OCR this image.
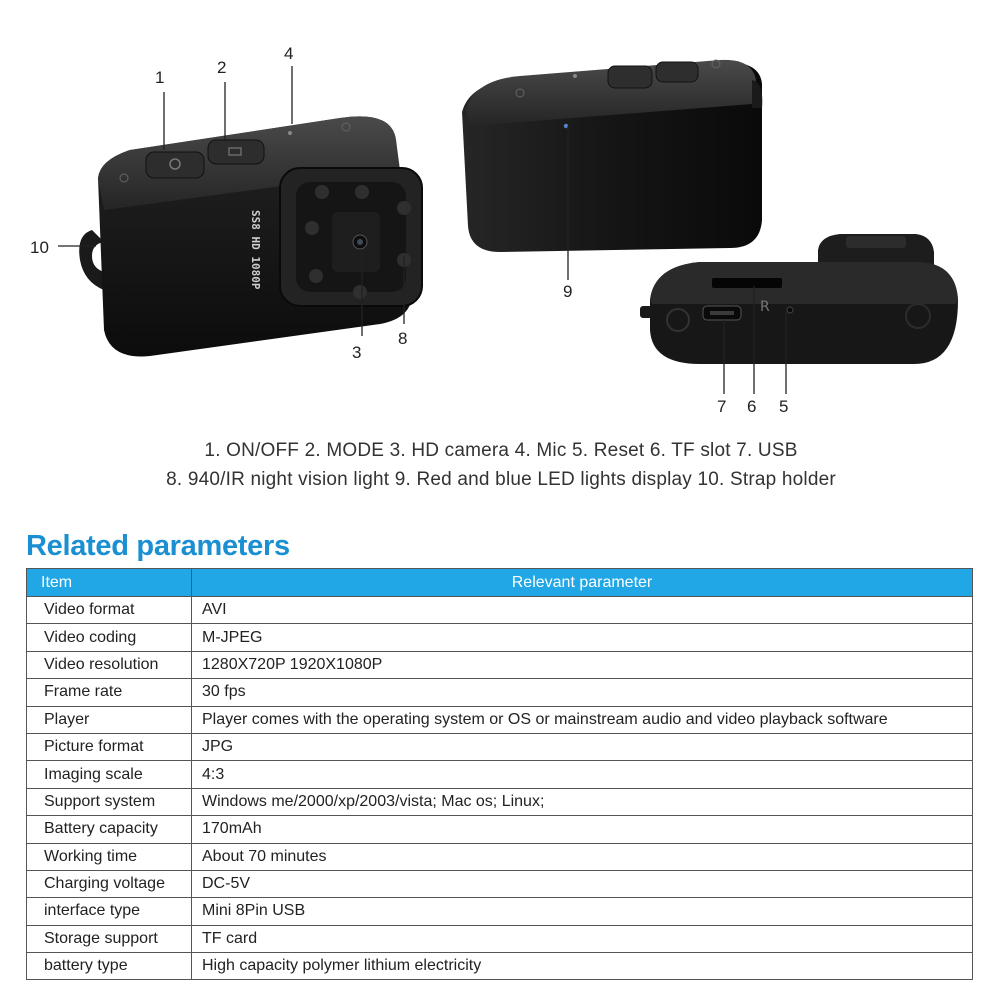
SS8 HD 1080P
R
1
2
4
10
3
8
9
7 6 5
1. ON/OFF 2. MODE 3. HD camera 4. Mic 5. Reset 6. TF slot 7. USB
8. 940/IR night vision light 9. Red and blue LED lights display 10. Strap holder
Related parameters
Item	Relevant parameter
Video format	AVI
Video coding	M-JPEG
Video resolution	1280X720P 1920X1080P
Frame rate	30 fps
Player	Player comes with the operating system or OS or mainstream audio and video playback software
Picture format	JPG
Imaging scale	4:3
Support system	Windows me/2000/xp/2003/vista; Mac os; Linux;
Battery capacity	170mAh
Working time	About 70 minutes
Charging voltage	DC-5V
interface type	Mini 8Pin USB
Storage support	TF card
battery type	High capacity polymer lithium electricity
